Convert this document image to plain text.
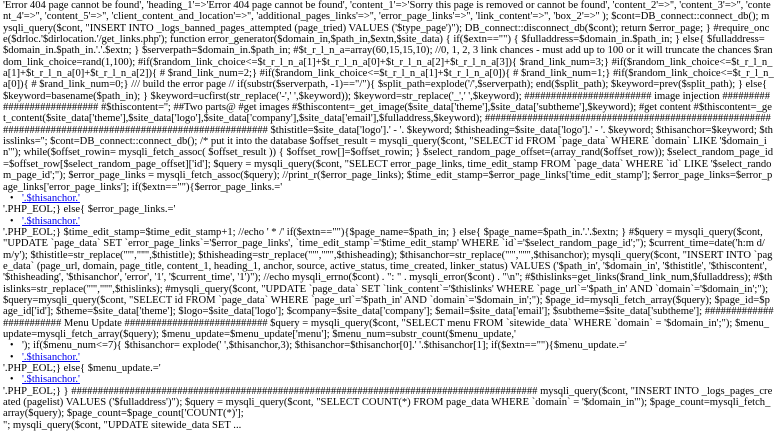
'Error 404 page cannot be found', 'heading_1'=>'Error 404 page cannot be found', 'content_1'=>'Sorry this page is removed or cannot be found', 'content_2'=>'', 'content_3'=>'', 'content_4'=>'', 'content_5'=>'', 'client_content_and_location'=>'', 'additional_pages_links'=>'', 'error_page_links'=>'', 'link_content'=>'', 'box_2'=>'' ); $cont=DB_connect::connect_db(); mysqli_query($cont, "INSERT INTO _logs_banned_pages_attempted (page_tried) VALUES ('$type_page')"); DB_connect::disconnect_db($cont); return $error_page; } #require_once($drloc.'$dirlocation.'/get_links.php'); function error_generator($domain_in,$path_in,$extn,$site_data) { if($extn=="") { $fulladdress=$domain_in.$path_in; } else{ $fulladdress=$domain_in.$path_in.'.'.$extn; } $serverpath=$domain_in.$path_in; #$t_r_l_n_a=array(60,15,15,10); //0, 1, 2, 3 link chances - must add up to 100 or it will truncate the chances $random_link_choice=rand(1,100); #if($random_link_choice<=$t_r_l_n_a[1]+$t_r_l_n_a[0]+$t_r_l_n_a[2]+$t_r_l_n_a[3]){ $rand_link_num=3;} #if($random_link_choice<=$t_r_l_n_a[1]+$t_r_l_n_a[0]+$t_r_l_n_a[2]){ # $rand_link_num=2;} #if($random_link_choice<=$t_r_l_n_a[1]+$t_r_l_n_a[0]){ # $rand_link_num=1;} #if($random_link_choice<=$t_r_l_n_a[0]){ # $rand_link_num=0;} /// build the error page // if(substr($serverpath, -1)=="/"){ $split_path=explode('/',$serverpath); end($split_path); $keyword=prev($split_path); } else{ $keyword=basename($path_in); } $keyword=ucfirst(str_replace('-',' ',$keyword)); $keyword=str_replace('_',' ',$keyword); ######################## image injection ########################### #$thiscontent=''; ##Two parts@ #get images #$thiscontent=_get_image($site_data['theme'],$site_data['subtheme'],$keyword); #get content #$thiscontent=_get_content($site_data['theme'],$site_data['logo'],$site_data['company'],$site_data['email'],$fulladdress,$keyword); ######################################################################################################## $thistitle=$site_data['logo'].' - '. $keyword; $thisheading=$site_data['logo'].' - '. $keyword; $thisanchor=$keyword; $thisslinks=''; $cont=DB_connect::connect_db(); /* put it into the database $offset_result = mysqli_query($cont, "SELECT id FROM `page_data` WHERE `domain` LIKE '$domain_in'"); while($offset_rowin= mysqli_fetch_assoc( $offset_result )) { $offset_row[]=$offset_rowin; } $select_random_page_offset=(array_rand($offset_row)); $select_random_page_id=$offset_row[$select_random_page_offset]['id']; $query = mysqli_query($cont, "SELECT error_page_links, time_edit_stamp FROM `page_data` WHERE `id` LIKE '$select_random_page_id';"); $error_page_links = mysqli_fetch_assoc($query); //print_r($error_page_links); $time_edit_stamp=$error_page_links['time_edit_stamp']; $error_page_links=$error_page_links['error_page_links']; if($extn==""){$error_page_links.='
• '.$thisanchor.'
'.PHP_EOL;} else{ $error_page_links.='
• '.$thisanchor.'
'.PHP_EOL;} $time_edit_stamp=$time_edit_stamp+1; //echo ' * /' if($extn==""){$page_name=$path_in; } else{ $page_name=$path_in.'.'.$extn; } #$query = mysqli_query($cont, "UPDATE `page_data` SET `error_page_links`='$error_page_links', `time_edit_stamp`='$time_edit_stamp' WHERE `id`='$select_random_page_id';"); $current_time=date('h:m d/m/y'); $thistitle=str_replace("'","''",$thistitle); $thisheading=str_replace("'","''",$thisheading); $thisanchor=str_replace("'","''",$thisanchor); mysqli_query($cont, "INSERT INTO `page_data` (page_url, domain, page_title, content_1, heading_1, anchor, source, active_status, time_created, linker_status) VALUES ('$path_in', '$domain_in', '$thistitle', '$thiscontent', '$thisheading', '$thisanchor', 'error', '1', '$current_time', '1')"); //echo mysqli_errno($cont) . ": " . mysqli_error($cont) . "\n"; #$thislinks=get_links($rand_link_num,$fulladdress); #$thislinks=str_replace("'","''",$thislinks); #mysqli_query($cont, "UPDATE `page_data` SET `link_content`='$thislinks' WHERE `page_url`='$path_in' AND `domain`='$domain_in';"); $query=mysqli_query($cont, "SELECT id FROM `page_data` WHERE `page_url`='$path_in' AND `domain`='$domain_in';"); $page_id=mysqli_fetch_array($query); $page_id=$page_id['id']; $theme=$site_data['theme']; $logo=$site_data['logo']; $company=$site_data['company']; $email=$site_data['email']; $subtheme=$site_data['subtheme']; ######################## Menu Update ########################### $query = mysqli_query($cont, "SELECT menu FROM `sitewide_data` WHERE `domain` = '$domain_in';"); $menu_update=mysqli_fetch_array($query); $menu_update=$menu_update['menu']; $menu_num=substr_count($menu_update,'
• '); if($menu_num<=7){ $thisanchor= explode(' ',$thisanchor,3); $thisanchor=$thisanchor[0].' '.$thisanchor[1]; if($extn==""){$menu_update.='
• '.$thisanchor.'
'.PHP_EOL;} else{ $menu_update.='
• '.$thisanchor.'
'.PHP_EOL;} } ######################################################################################## mysqli_query($cont, "INSERT INTO _logs_pages_created (pagelist) VALUES ('$fulladdress')"); $query = mysqli_query($cont, "SELECT COUNT(*) FROM page_data WHERE `domain` = '$domain_in'"); $page_count=mysqli_fetch_array($query); $page_count=$page_count['COUNT(*)'];
"; mysqli_query($cont, "UPDATE sitewide_data SET ...
